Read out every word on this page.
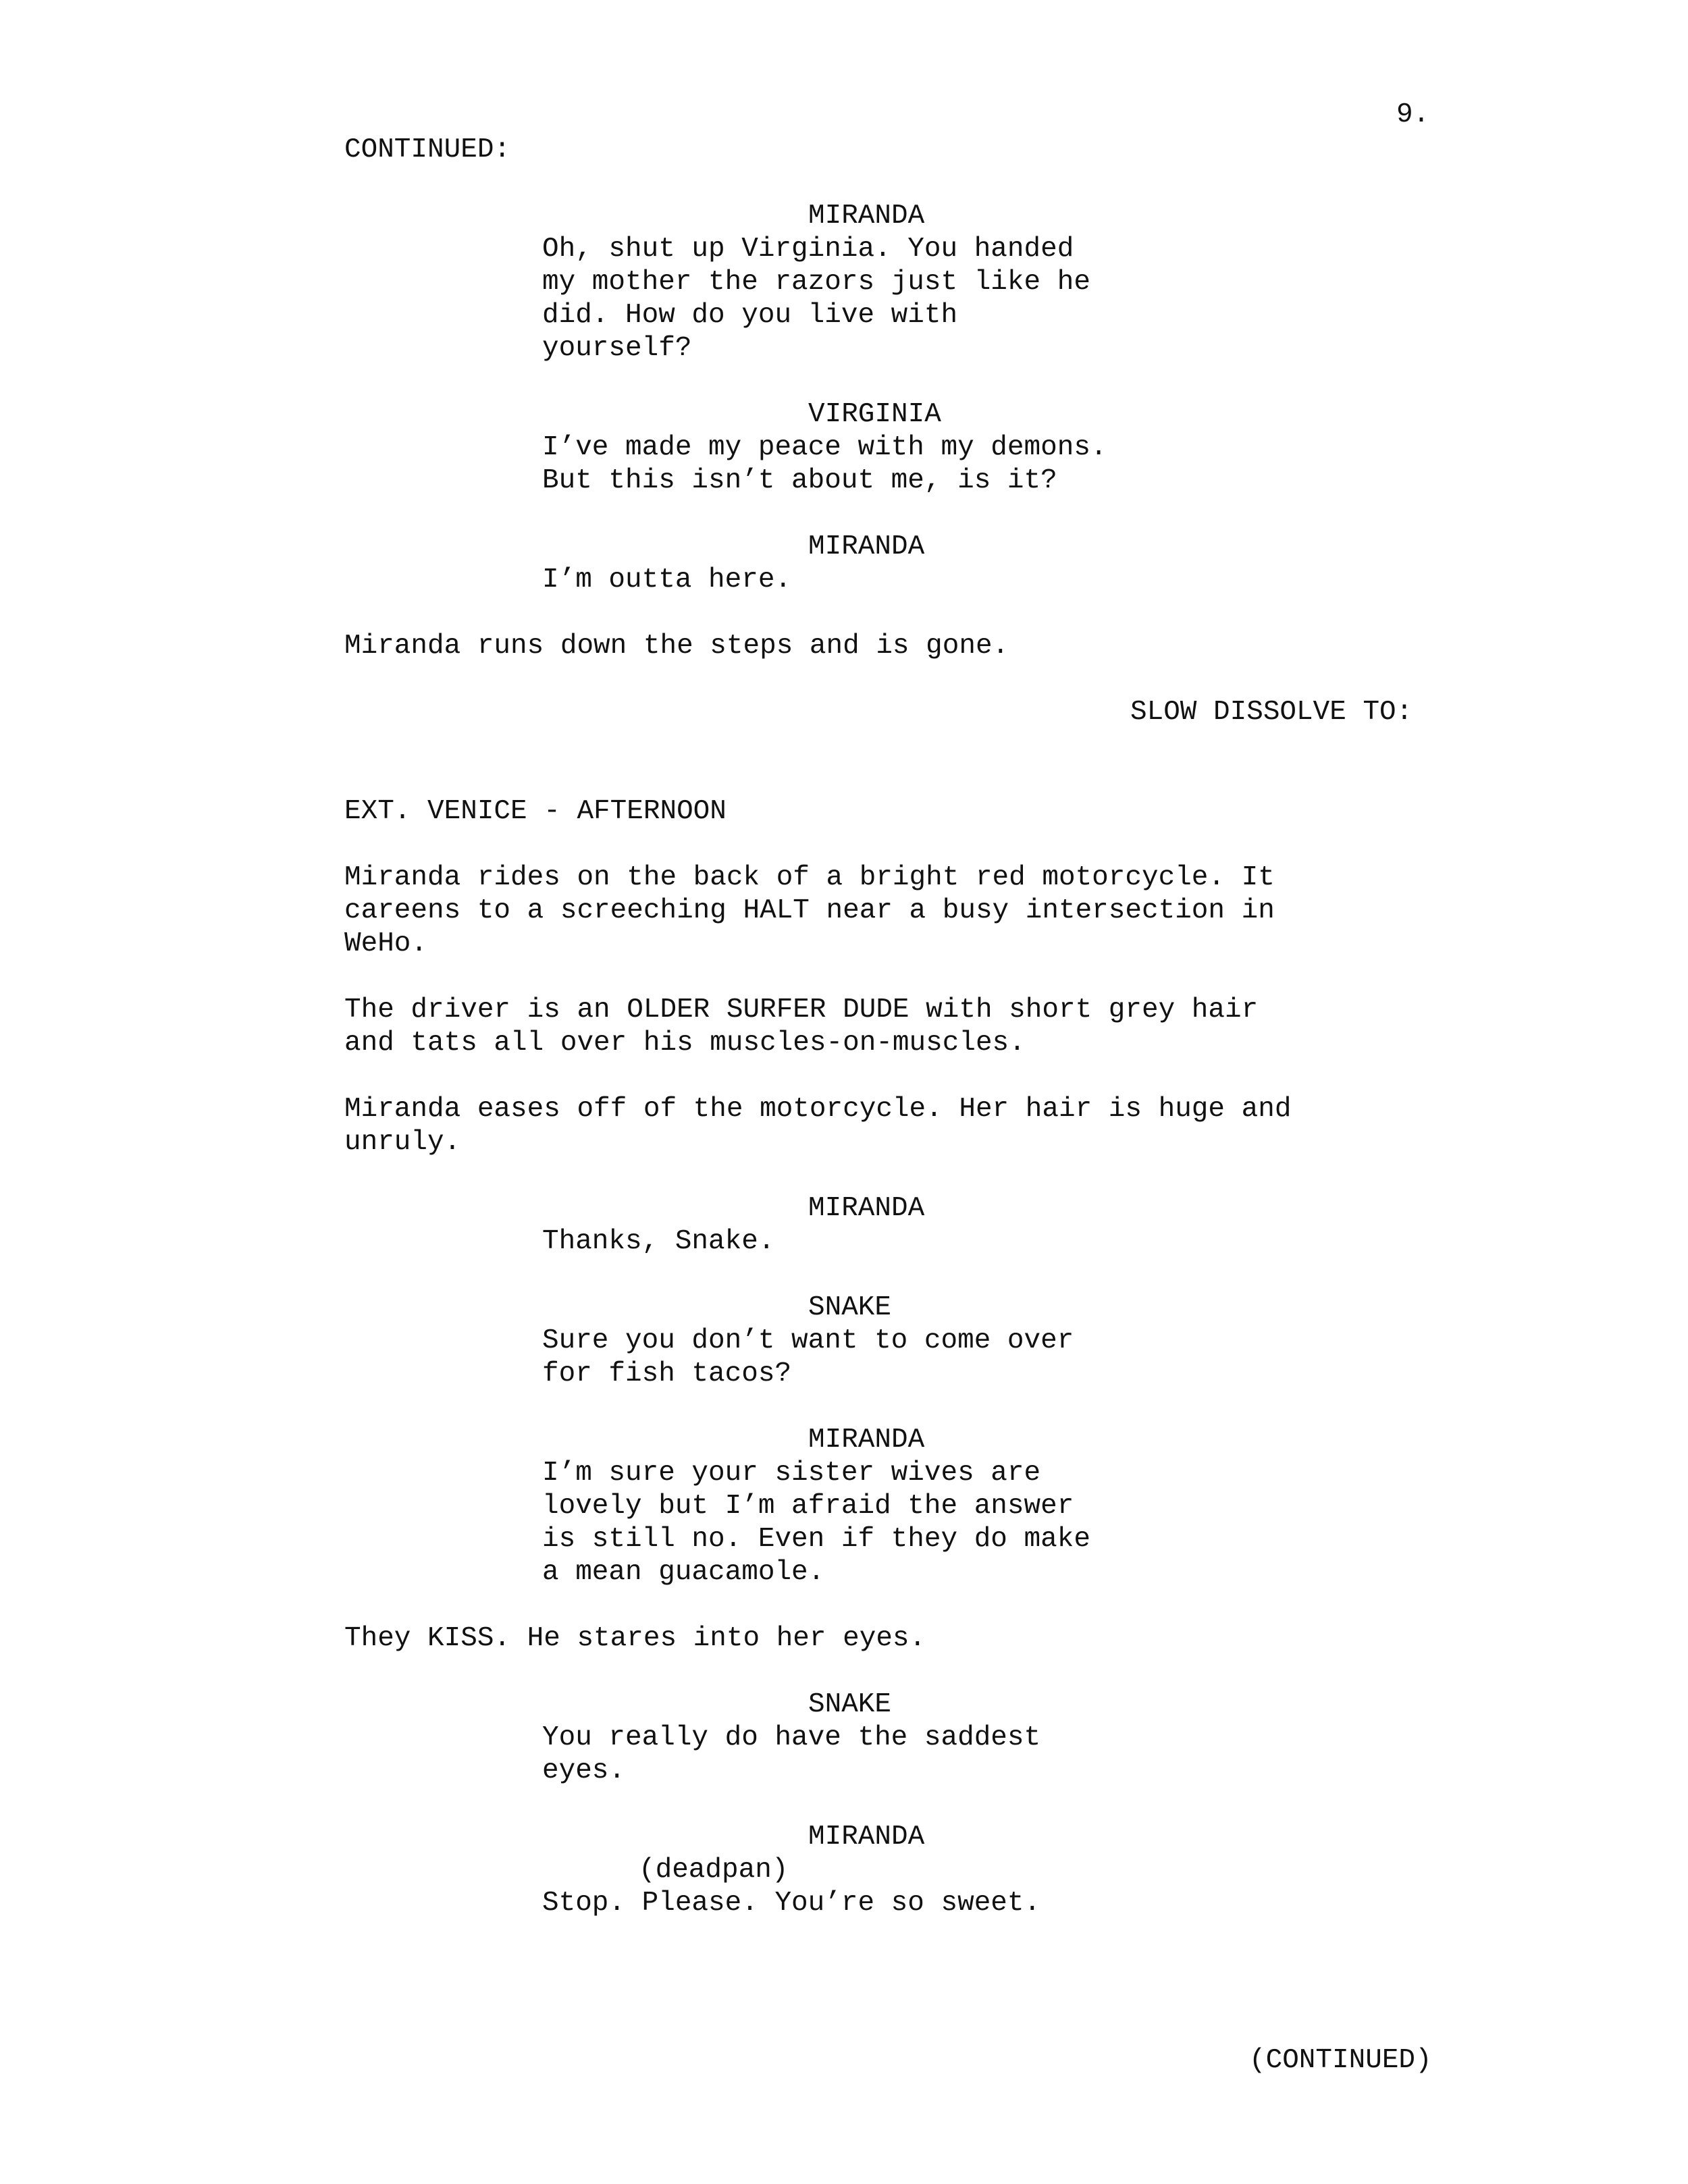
9.
CONTINUED:
MIRANDA
Oh, shut up Virginia. You handed
my mother the razors just like he
did. How do you live with
yourself?
VIRGINIA
I’ve made my peace with my demons.
But this isn’t about me, is it?
MIRANDA
I’m outta here.
Miranda runs down the steps and is gone.
SLOW DISSOLVE TO:
EXT. VENICE - AFTERNOON
Miranda rides on the back of a bright red motorcycle. It
careens to a screeching HALT near a busy intersection in
WeHo.
The driver is an OLDER SURFER DUDE with short grey hair
and tats all over his muscles-on-muscles.
Miranda eases off of the motorcycle. Her hair is huge and
unruly.
MIRANDA
Thanks, Snake.
SNAKE
Sure you don’t want to come over
for fish tacos?
MIRANDA
I’m sure your sister wives are
lovely but I’m afraid the answer
is still no. Even if they do make
a mean guacamole.
They KISS. He stares into her eyes.
SNAKE
You really do have the saddest
eyes.
MIRANDA
(deadpan)
Stop. Please. You’re so sweet.
(CONTINUED)
